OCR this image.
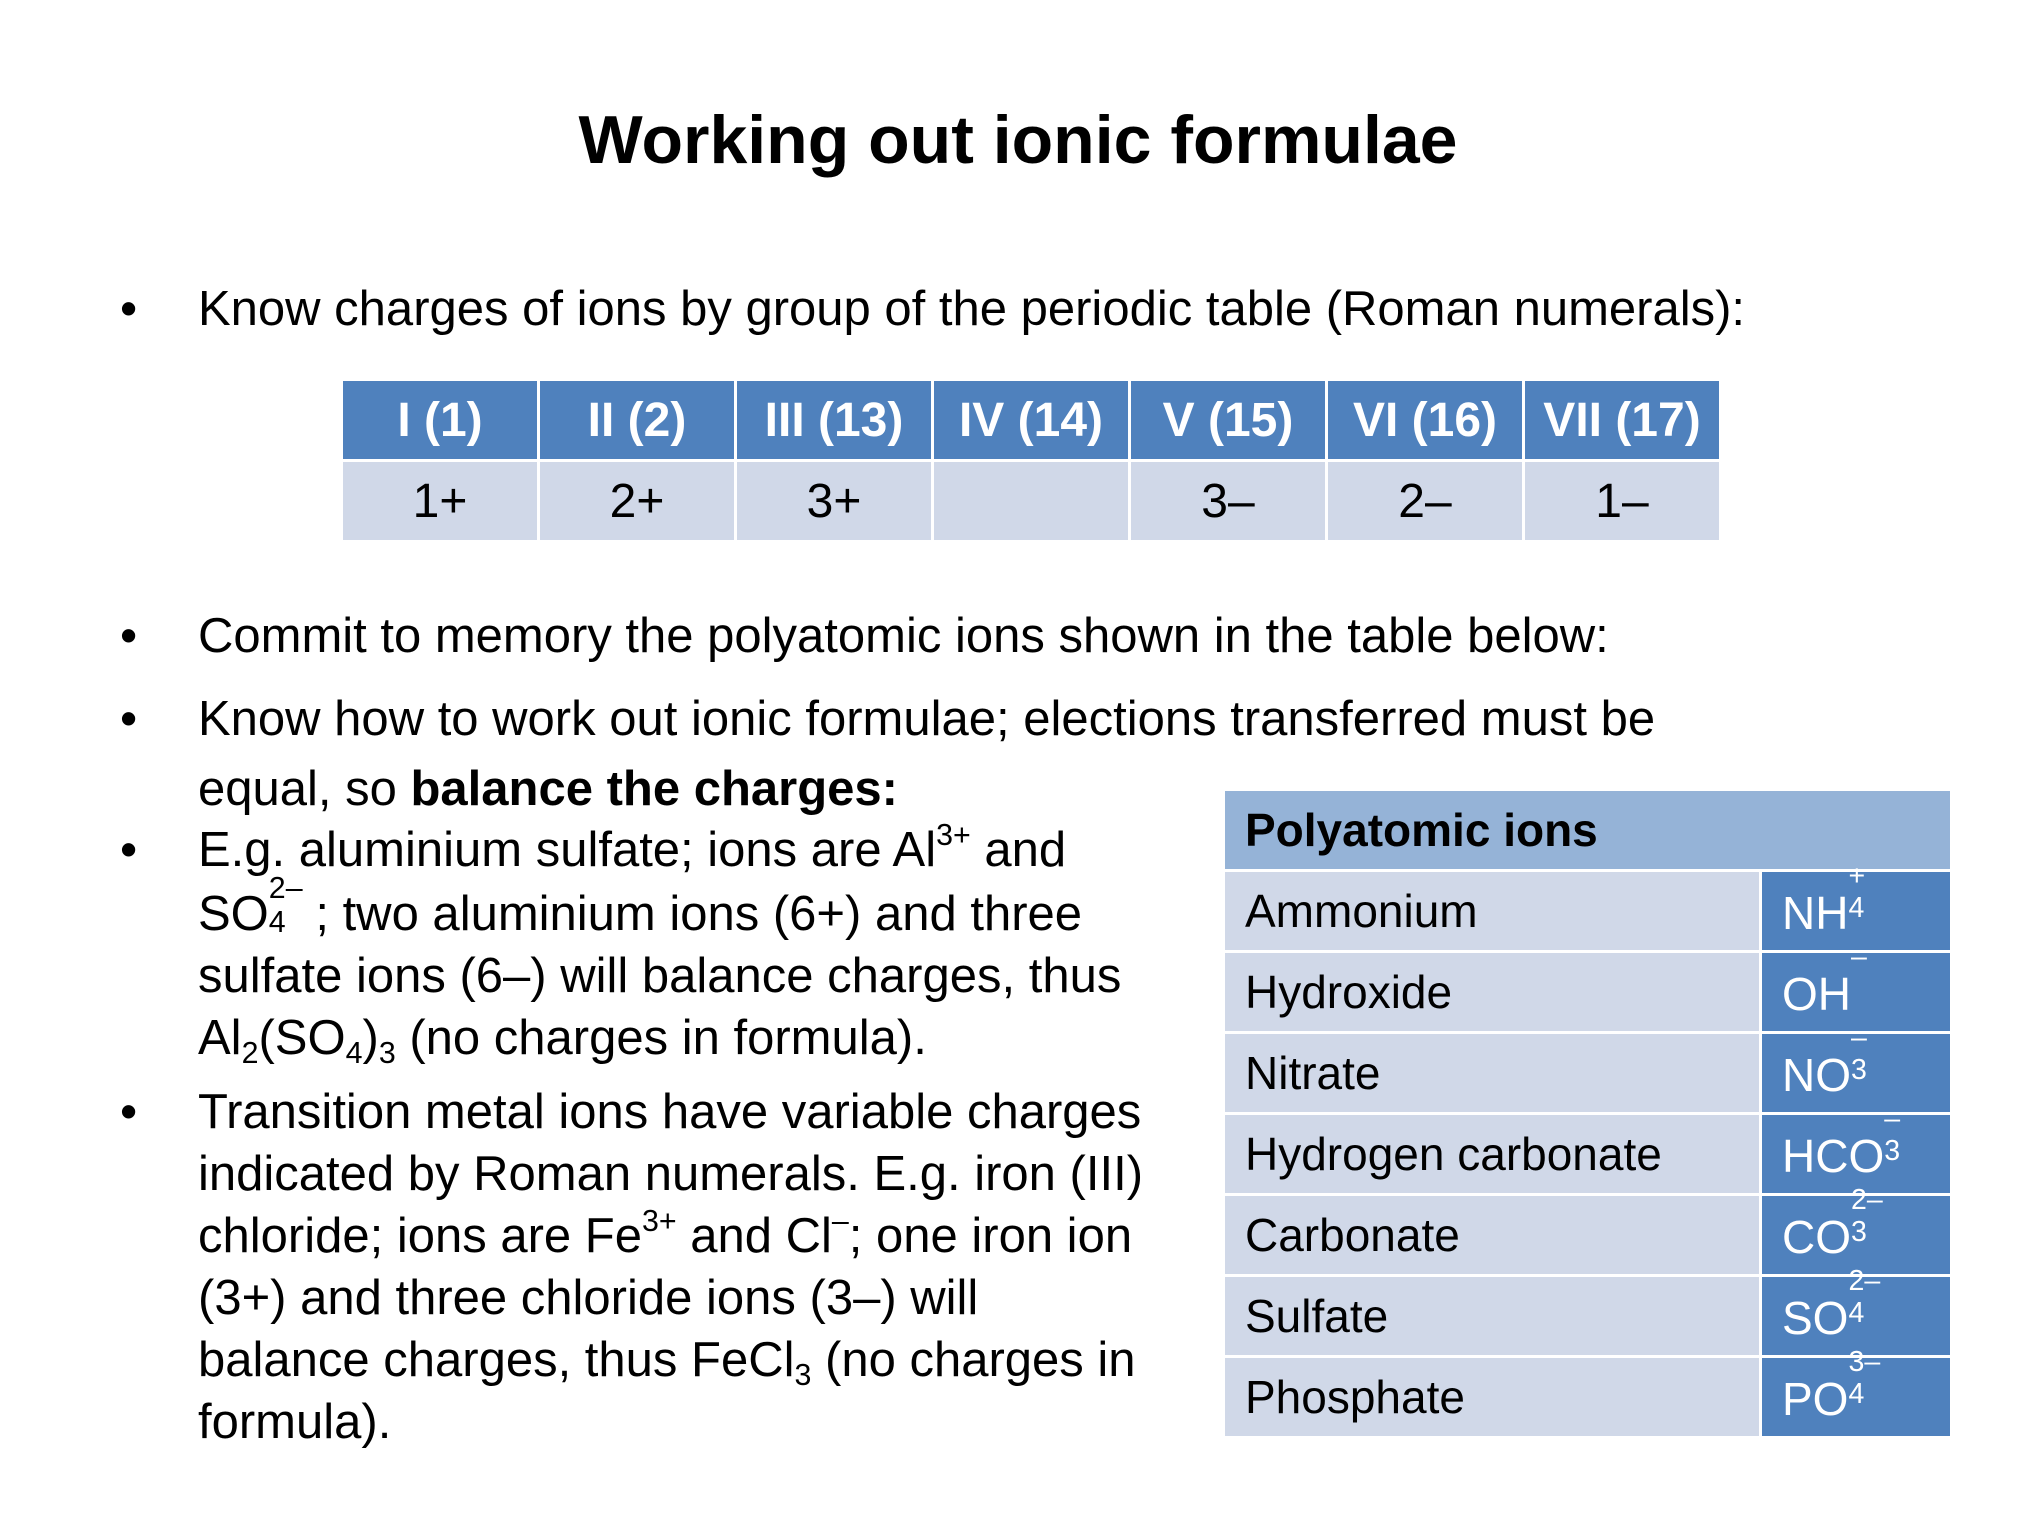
Working out ionic formulae
•	Know charges of ions by group of the periodic table (Roman numerals):
I (1)	II (2)	III (13)	IV (14)	V (15)	VI (16)	VII (17)
1+	2+	3+		3–	2–	1–
•	Commit to memory the polyatomic ions shown in the table below:
•	Know how to work out ionic formulae; elections transferred must be
equal, so balance the charges:
•	E.g. aluminium sulfate; ions are $Al^{3+}$ and
SO 2–
4 ; two aluminium ions (6+) and three
sulfate ions (6–) will balance charges, thus
$Al_2(SO_4)_3$ (no charges in formula).
•	Transition metal ions have variable charges
indicated by Roman numerals. E.g. iron (III)
chloride; ions are $Fe^{3+}$ and Cl–; one iron ion
(3+) and three chloride ions (3–) will
balance charges, thus FeCl$_3$ (no charges in
formula).
Polyatomic ions	
Ammonium	NH
+
4

Hydroxide	OH
–

Nitrate	NO
–
3

Hydrogen carbonate	HCO
–
3

Carbonate	CO
2–
3

Sulfate	SO
2–
4

Phosphate	PO
3–
4
